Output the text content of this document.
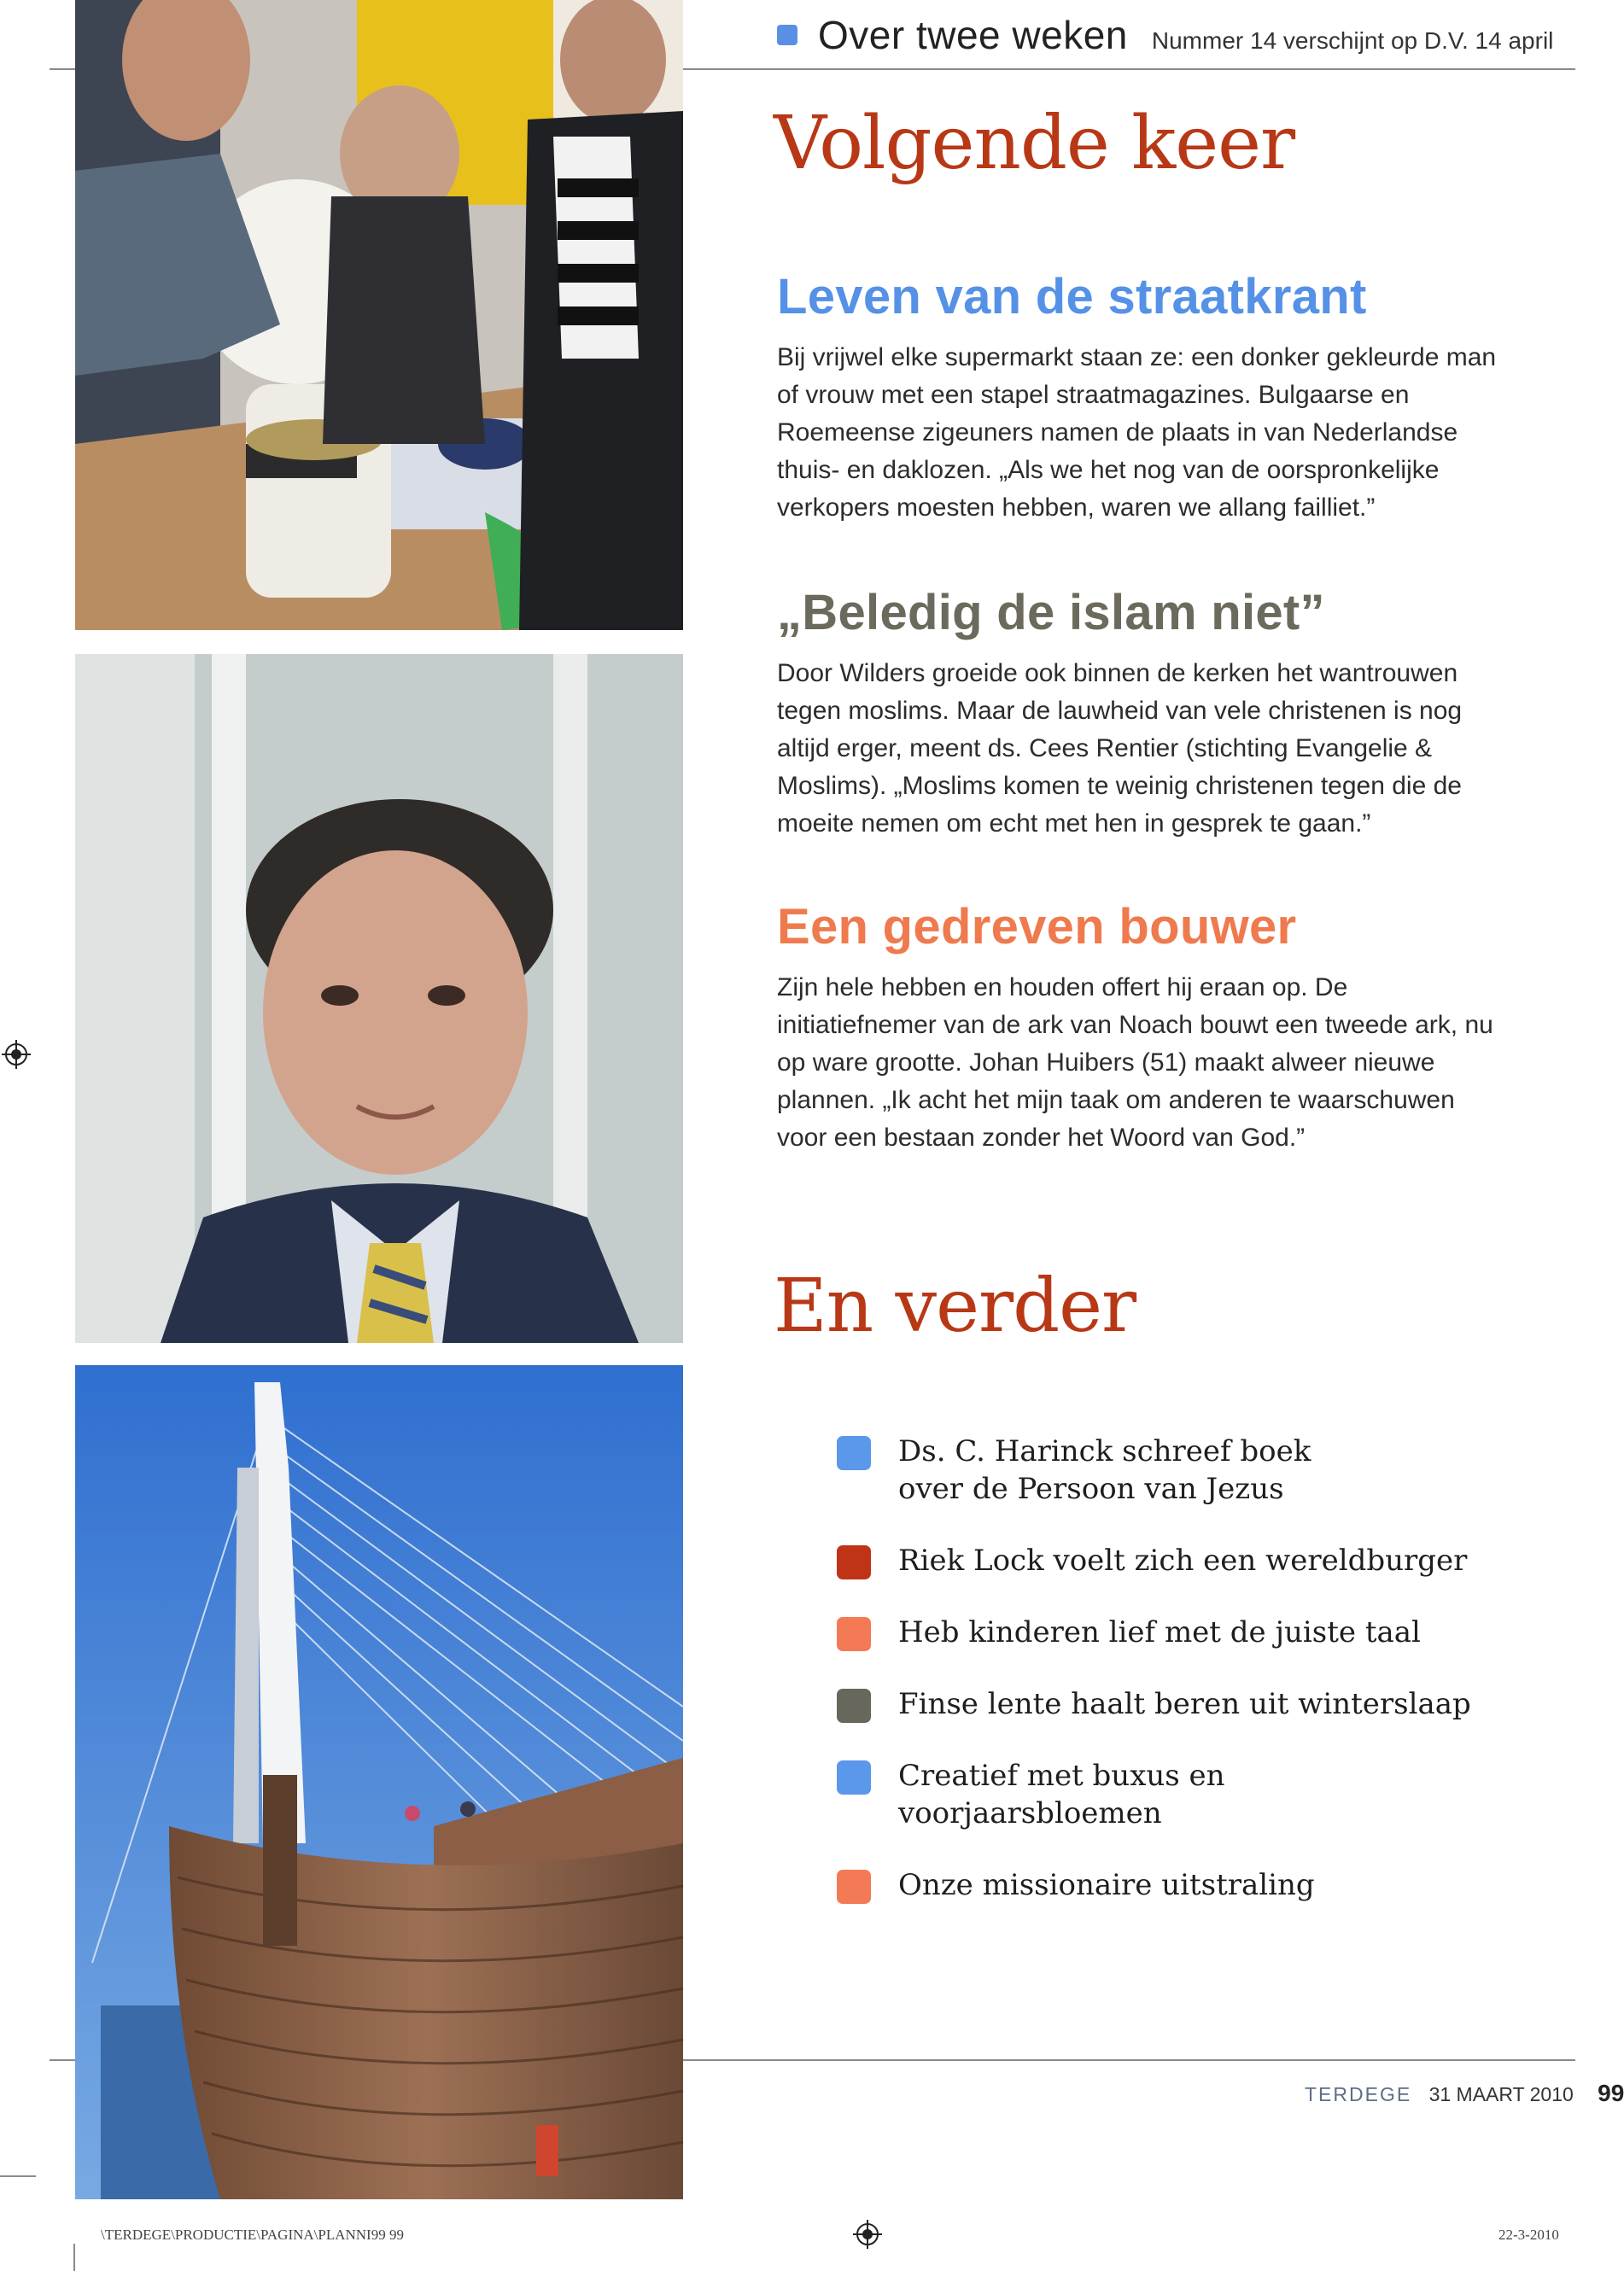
Over twee weken Nummer 14 verschijnt op D.V. 14 april
Volgende keer
Leven van de straatkrant

Bij vrijwel elke supermarkt staan ze: een donker gekleurde man of vrouw met een stapel straatmagazines. Bulgaarse en Roemeense zigeuners namen de plaats in van Nederlandse thuis- en daklozen. „Als we het nog van de oorspronkelijke verkopers moesten hebben, waren we allang failliet.”

„Beledig de islam niet”

Door Wilders groeide ook binnen de kerken het wantrouwen tegen moslims. Maar de lauwheid van vele christenen is nog altijd erger, meent ds. Cees Rentier (stichting Evangelie & Moslims). „Moslims komen te weinig christenen tegen die de moeite nemen om echt met hen in gesprek te gaan.”

Een gedreven bouwer

Zijn hele hebben en houden offert hij eraan op. De initiatiefnemer van de ark van Noach bouwt een tweede ark, nu op ware grootte. Johan Huibers (51) maakt alweer nieuwe plannen. „Ik acht het mijn taak om anderen te waarschuwen voor een bestaan zonder het Woord van God.”

En verder
Ds. C. Harinck schreef boek over de Persoon van Jezus
Riek Lock voelt zich een wereldburger
Heb kinderen lief met de juiste taal
Finse lente haalt beren uit winterslaap
Creatief met buxus en voorjaarsbloemen
Onze missionaire uitstraling
TERDEGE 31 MAART 2010 99
\TERDEGE\PRODUCTIE\PAGINA\PLANNI99 99	22-3-2010
